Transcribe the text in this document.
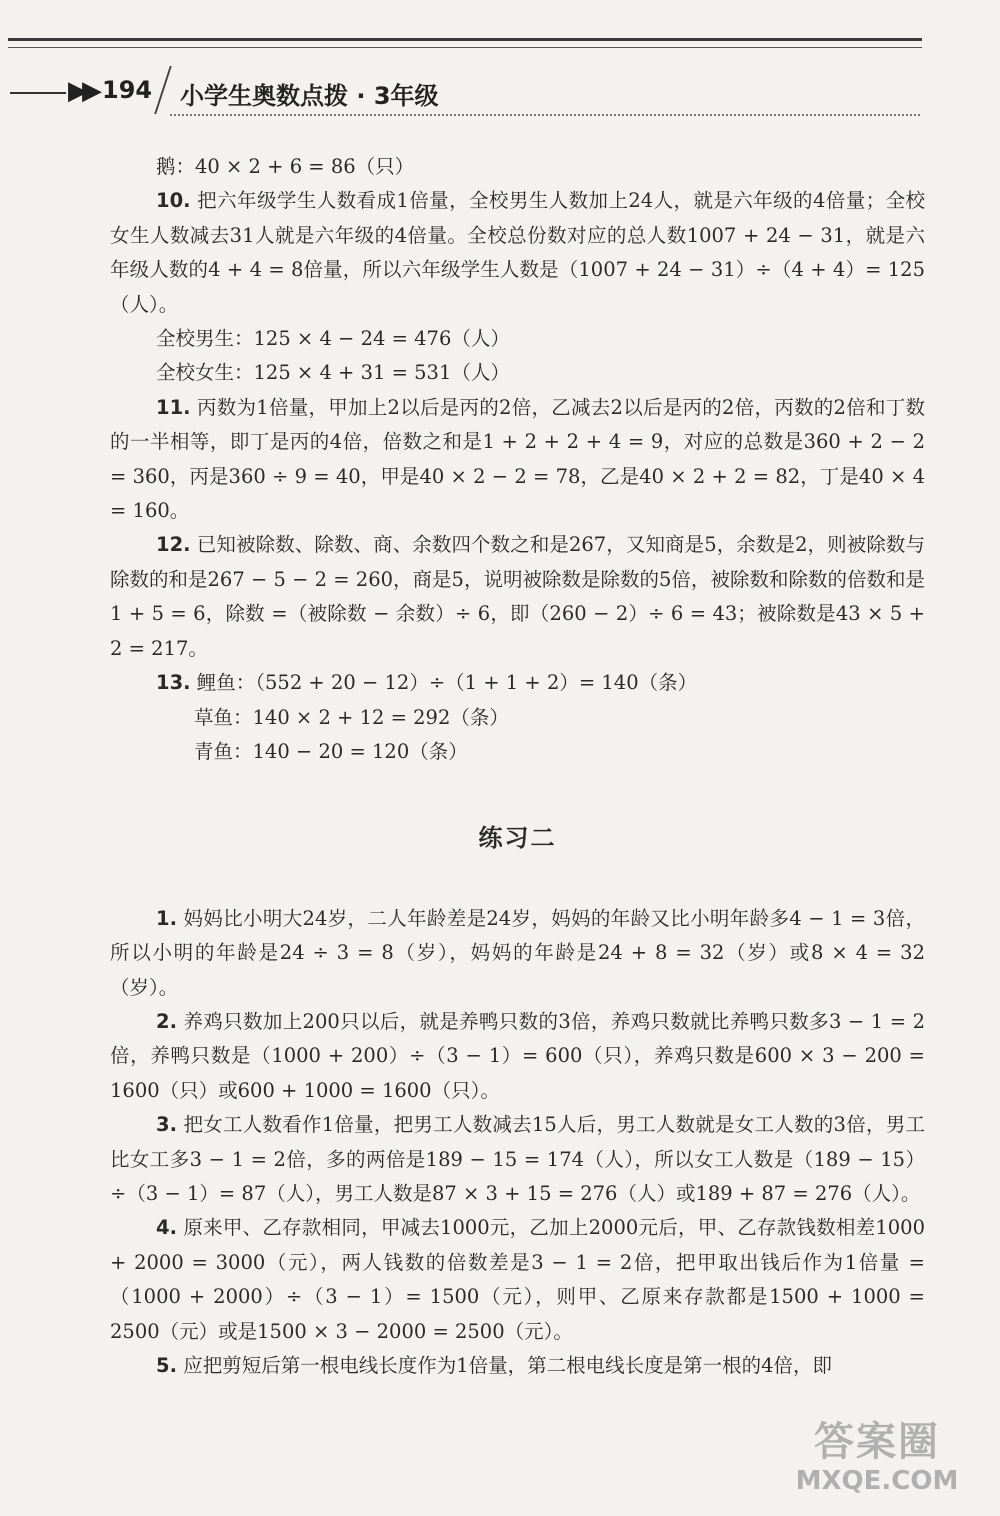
▶▶ 194 小学生奥数点拨 · 3年级

鹅：40 × 2 + 6 = 86（只）

10. 把六年级学生人数看成1倍量，全校男生人数加上24人，就是六年级的4倍量；全校女生人数减去31人就是六年级的4倍量。全校总份数对应的总人数1007 + 24 − 31，就是六年级人数的4 + 4 = 8倍量，所以六年级学生人数是（1007 + 24 − 31）÷（4 + 4）= 125（人）。

全校男生：125 × 4 − 24 = 476（人）

全校女生：125 × 4 + 31 = 531（人）

11. 丙数为1倍量，甲加上2以后是丙的2倍，乙减去2以后是丙的2倍，丙数的2倍和丁数的一半相等，即丁是丙的4倍，倍数之和是1 + 2 + 2 + 4 = 9，对应的总数是360 + 2 − 2 = 360，丙是360 ÷ 9 = 40，甲是40 × 2 − 2 = 78，乙是40 × 2 + 2 = 82，丁是40 × 4 = 160。

12. 已知被除数、除数、商、余数四个数之和是267，又知商是5，余数是2，则被除数与除数的和是267 − 5 − 2 = 260，商是5，说明被除数是除数的5倍，被除数和除数的倍数和是1 + 5 = 6，除数 =（被除数 − 余数）÷ 6，即（260 − 2）÷ 6 = 43；被除数是43 × 5 + 2 = 217。

13. 鲤鱼：（552 + 20 − 12）÷（1 + 1 + 2）= 140（条）

草鱼：140 × 2 + 12 = 292（条）

青鱼：140 − 20 = 120（条）

练习二

1. 妈妈比小明大24岁，二人年龄差是24岁，妈妈的年龄又比小明年龄多4 − 1 = 3倍，所以小明的年龄是24 ÷ 3 = 8（岁），妈妈的年龄是24 + 8 = 32（岁）或8 × 4 = 32（岁）。

2. 养鸡只数加上200只以后，就是养鸭只数的3倍，养鸡只数就比养鸭只数多3 − 1 = 2倍，养鸭只数是（1000 + 200）÷（3 − 1）= 600（只），养鸡只数是600 × 3 − 200 = 1600（只）或600 + 1000 = 1600（只）。

3. 把女工人数看作1倍量，把男工人数减去15人后，男工人数就是女工人数的3倍，男工比女工多3 − 1 = 2倍，多的两倍是189 − 15 = 174（人），所以女工人数是（189 − 15）÷（3 − 1）= 87（人），男工人数是87 × 3 + 15 = 276（人）或189 + 87 = 276（人）。

4. 原来甲、乙存款相同，甲减去1000元，乙加上2000元后，甲、乙存款钱数相差1000 + 2000 = 3000（元），两人钱数的倍数差是3 − 1 = 2倍，把甲取出钱后作为1倍量 =（1000 + 2000）÷（3 − 1）= 1500（元），则甲、乙原来存款都是1500 + 1000 = 2500（元）或是1500 × 3 − 2000 = 2500（元）。

5. 应把剪短后第一根电线长度作为1倍量，第二根电线长度是第一根的4倍，即

答案圈
MXQE.COM
